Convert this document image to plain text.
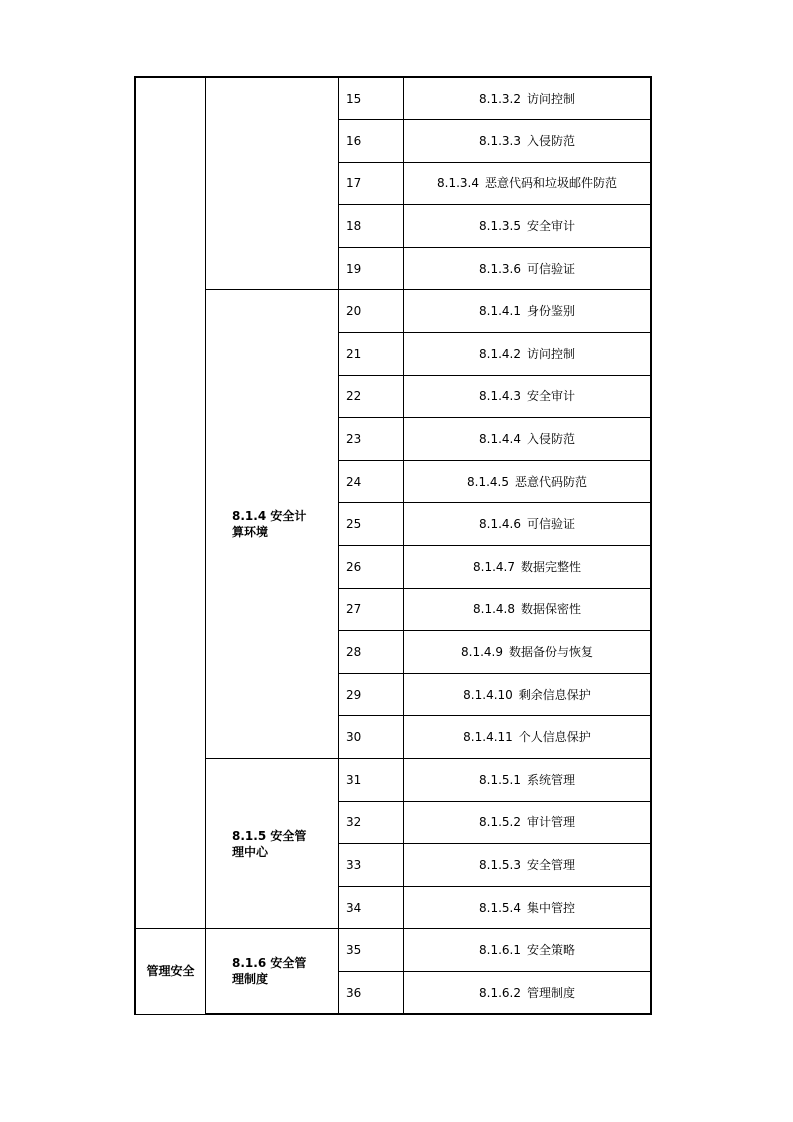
		15	8.1.3.2 访问控制
		16	8.1.3.3 入侵防范
		17	8.1.3.4 恶意代码和垃圾邮件防范
		18	8.1.3.5 安全审计
		19	8.1.3.6 可信验证
	8.1.4 安全计算环境	20	8.1.4.1 身份鉴别
		21	8.1.4.2 访问控制
		22	8.1.4.3 安全审计
		23	8.1.4.4 入侵防范
		24	8.1.4.5 恶意代码防范
		25	8.1.4.6 可信验证
		26	8.1.4.7 数据完整性
		27	8.1.4.8 数据保密性
		28	8.1.4.9 数据备份与恢复
		29	8.1.4.10 剩余信息保护
		30	8.1.4.11 个人信息保护
	8.1.5 安全管理中心	31	8.1.5.1 系统管理
		32	8.1.5.2 审计管理
		33	8.1.5.3 安全管理
		34	8.1.5.4 集中管控
管理安全	8.1.6 安全管理制度	35	8.1.6.1 安全策略
		36	8.1.6.2 管理制度
